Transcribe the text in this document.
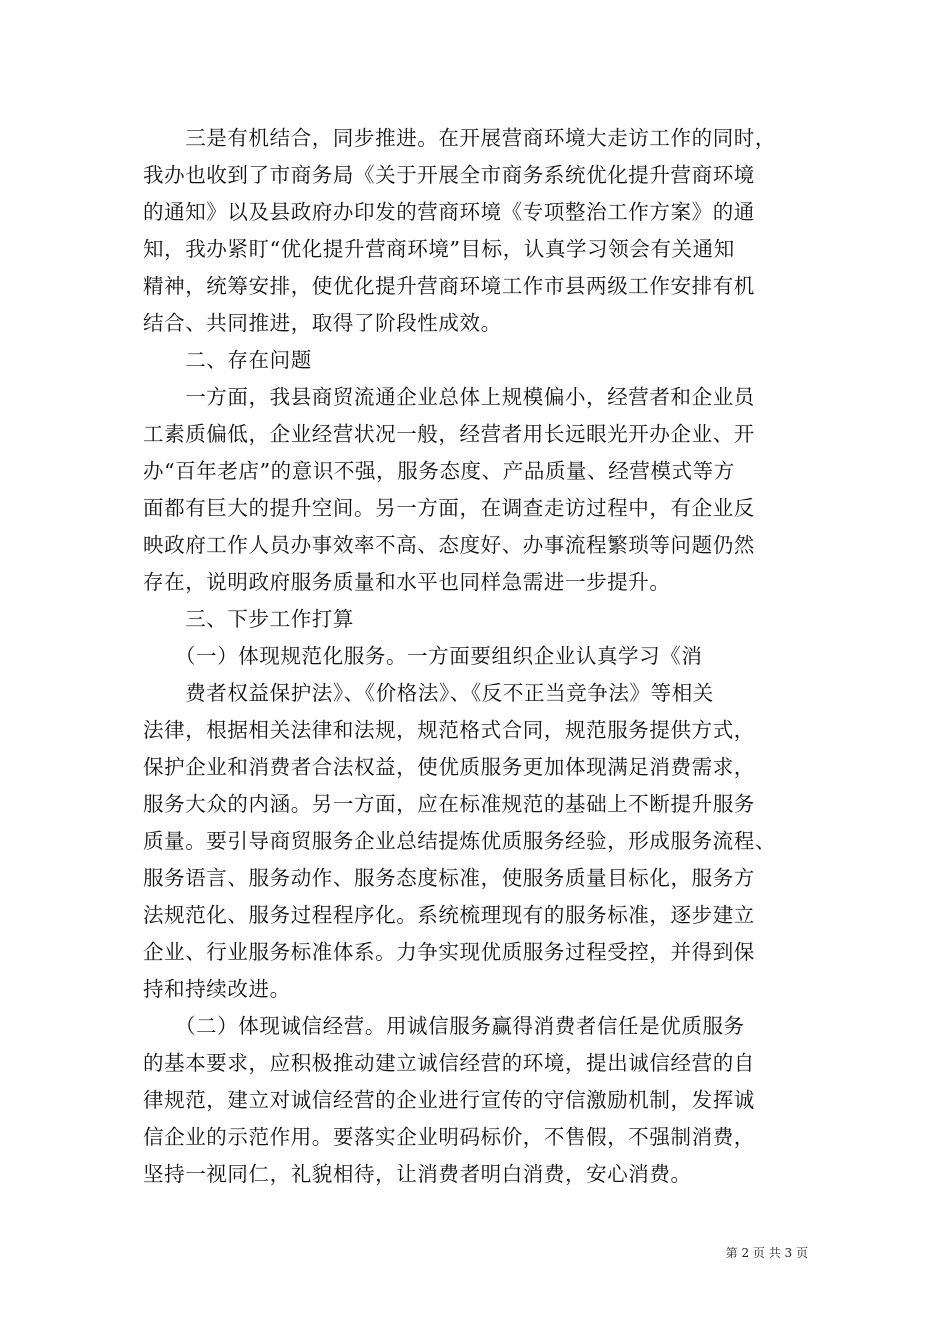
　　三是有机结合，同步推进。在开展营商环境大走访工作的同时，
我办也收到了市商务局《关于开展全市商务系统优化提升营商环境
的通知》以及县政府办印发的营商环境《专项整治工作方案》的通
知，我办紧盯“优化提升营商环境”目标，认真学习领会有关通知
精神，统筹安排，使优化提升营商环境工作市县两级工作安排有机
结合、共同推进，取得了阶段性成效。
　　二、存在问题
　　一方面，我县商贸流通企业总体上规模偏小，经营者和企业员
工素质偏低，企业经营状况一般，经营者用长远眼光开办企业、开
办“百年老店”的意识不强，服务态度、产品质量、经营模式等方
面都有巨大的提升空间。另一方面，在调查走访过程中，有企业反
映政府工作人员办事效率不高、态度好、办事流程繁琐等问题仍然
存在，说明政府服务质量和水平也同样急需进一步提升。
　　三、下步工作打算
　　（一）体现规范化服务。一方面要组织企业认真学习《消
　　费者权益保护法》、《价格法》、《反不正当竞争法》等相关
法律，根据相关法律和法规，规范格式合同，规范服务提供方式，
保护企业和消费者合法权益，使优质服务更加体现满足消费需求，
服务大众的内涵。另一方面，应在标准规范的基础上不断提升服务
质量。要引导商贸服务企业总结提炼优质服务经验，形成服务流程、
服务语言、服务动作、服务态度标准，使服务质量目标化，服务方
法规范化、服务过程程序化。系统梳理现有的服务标准，逐步建立
企业、行业服务标准体系。力争实现优质服务过程受控，并得到保
持和持续改进。
　　（二）体现诚信经营。用诚信服务赢得消费者信任是优质服务
的基本要求，应积极推动建立诚信经营的环境，提出诚信经营的自
律规范，建立对诚信经营的企业进行宣传的守信激励机制，发挥诚
信企业的示范作用。要落实企业明码标价，不售假，不强制消费，
坚持一视同仁，礼貌相待，让消费者明白消费，安心消费。
第 2 页 共 3 页
